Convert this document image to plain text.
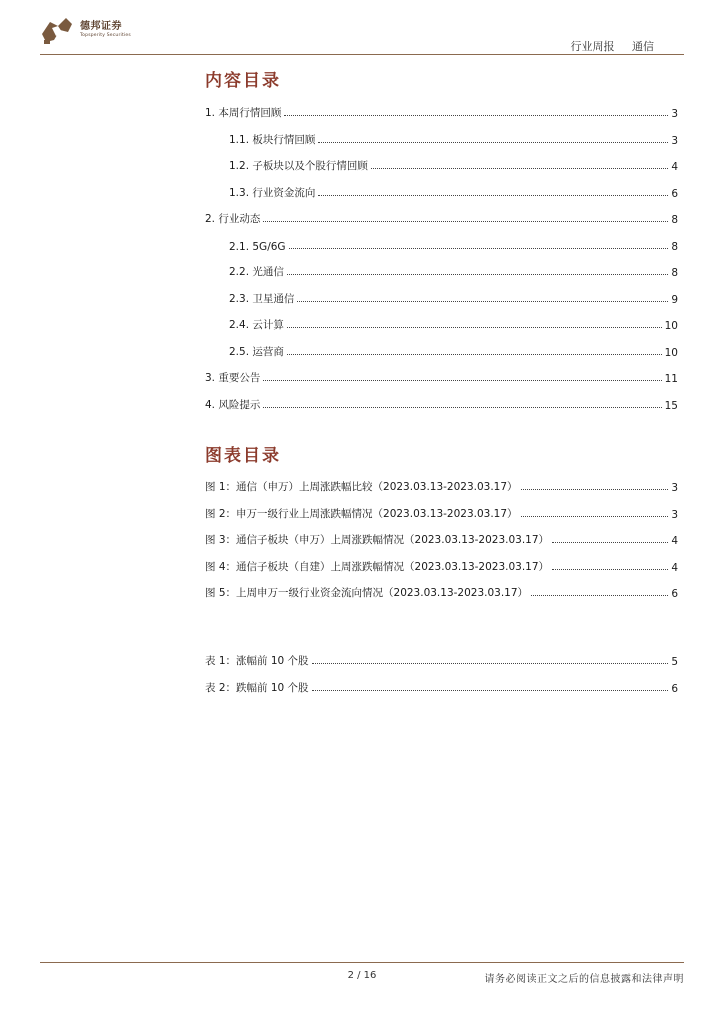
德邦证券
Topsperity Securities
行业周报 通信
内容目录
1. 本周行情回顾	3
1.1. 板块行情回顾	3
1.2. 子板块以及个股行情回顾	4
1.3. 行业资金流向	6
2. 行业动态	8
2.1. 5G/6G	8
2.2. 光通信	8
2.3. 卫星通信	9
2.4. 云计算	10
2.5. 运营商	10
3. 重要公告	11
4. 风险提示	15
图表目录
图 1：通信（申万）上周涨跌幅比较（2023.03.13-2023.03.17）	3
图 2：申万一级行业上周涨跌幅情况（2023.03.13-2023.03.17）	3
图 3：通信子板块（申万）上周涨跌幅情况（2023.03.13-2023.03.17）	4
图 4：通信子板块（自建）上周涨跌幅情况（2023.03.13-2023.03.17）	4
图 5：上周申万一级行业资金流向情况（2023.03.13-2023.03.17）	6
表 1：涨幅前 10 个股	5
表 2：跌幅前 10 个股	6
2 / 16	请务必阅读正文之后的信息披露和法律声明
